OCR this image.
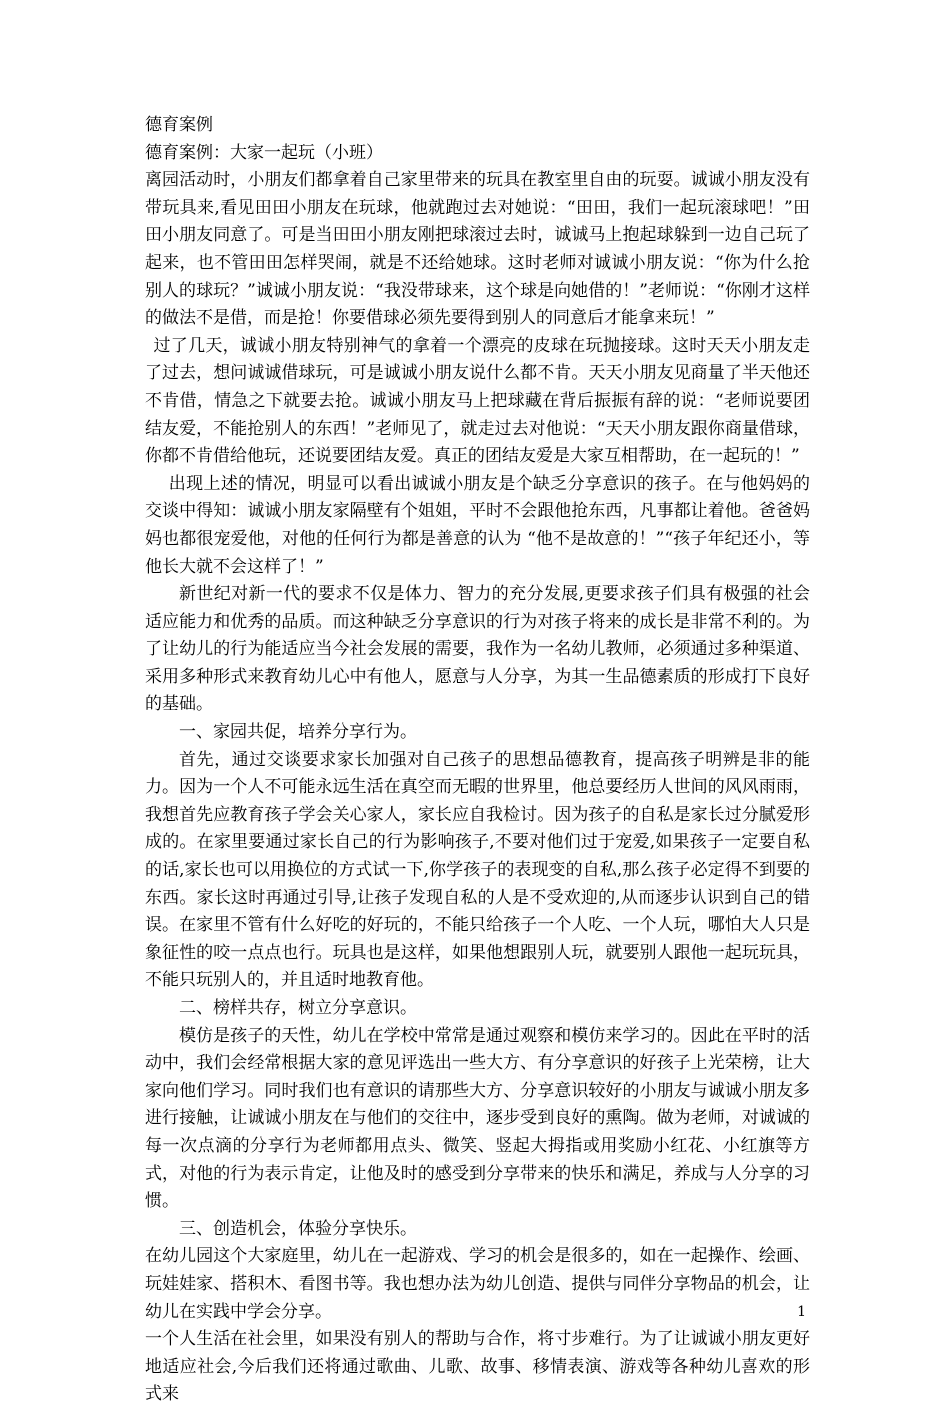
德育案例

德育案例：大家一起玩（小班）

离园活动时，小朋友们都拿着自己家里带来的玩具在教室里自由的玩耍。诚诚小朋友没有带玩具来,看见田田小朋友在玩球，他就跑过去对她说：“田田，我们一起玩滚球吧！”田田小朋友同意了。可是当田田小朋友刚把球滚过去时，诚诚马上抱起球躲到一边自己玩了起来，也不管田田怎样哭闹，就是不还给她球。这时老师对诚诚小朋友说：“你为什么抢别人的球玩？”诚诚小朋友说：“我没带球来，这个球是向她借的！”老师说：“你刚才这样的做法不是借，而是抢！你要借球必须先要得到别人的同意后才能拿来玩！”

过了几天，诚诚小朋友特别神气的拿着一个漂亮的皮球在玩抛接球。这时天天小朋友走了过去，想问诚诚借球玩，可是诚诚小朋友说什么都不肯。天天小朋友见商量了半天他还不肯借，情急之下就要去抢。诚诚小朋友马上把球藏在背后振振有辞的说：“老师说要团结友爱，不能抢别人的东西！”老师见了，就走过去对他说：“天天小朋友跟你商量借球，你都不肯借给他玩，还说要团结友爱。真正的团结友爱是大家互相帮助，在一起玩的！”

出现上述的情况，明显可以看出诚诚小朋友是个缺乏分享意识的孩子。在与他妈妈的交谈中得知：诚诚小朋友家隔壁有个姐姐，平时不会跟他抢东西，凡事都让着他。爸爸妈妈也都很宠爱他，对他的任何行为都是善意的认为 “他不是故意的！”“孩子年纪还小，等他长大就不会这样了！”

新世纪对新一代的要求不仅是体力、智力的充分发展,更要求孩子们具有极强的社会适应能力和优秀的品质。而这种缺乏分享意识的行为对孩子将来的成长是非常不利的。为了让幼儿的行为能适应当今社会发展的需要，我作为一名幼儿教师，必须通过多种渠道、采用多种形式来教育幼儿心中有他人，愿意与人分享，为其一生品德素质的形成打下良好的基础。

一、家园共促，培养分享行为。

首先，通过交谈要求家长加强对自己孩子的思想品德教育，提高孩子明辨是非的能力。因为一个人不可能永远生活在真空而无暇的世界里，他总要经历人世间的风风雨雨，我想首先应教育孩子学会关心家人，家长应自我检讨。因为孩子的自私是家长过分腻爱形成的。在家里要通过家长自己的行为影响孩子,不要对他们过于宠爱,如果孩子一定要自私的话,家长也可以用换位的方式试一下,你学孩子的表现变的自私,那么孩子必定得不到要的东西。家长这时再通过引导,让孩子发现自私的人是不受欢迎的,从而逐步认识到自己的错误。在家里不管有什么好吃的好玩的，不能只给孩子一个人吃、一个人玩，哪怕大人只是象征性的咬一点点也行。玩具也是这样，如果他想跟别人玩，就要别人跟他一起玩玩具，不能只玩别人的，并且适时地教育他。

二、榜样共存，树立分享意识。

模仿是孩子的天性，幼儿在学校中常常是通过观察和模仿来学习的。因此在平时的活动中，我们会经常根据大家的意见评选出一些大方、有分享意识的好孩子上光荣榜，让大家向他们学习。同时我们也有意识的请那些大方、分享意识较好的小朋友与诚诚小朋友多进行接触，让诚诚小朋友在与他们的交往中，逐步受到良好的熏陶。做为老师，对诚诚的每一次点滴的分享行为老师都用点头、微笑、竖起大拇指或用奖励小红花、小红旗等方式，对他的行为表示肯定，让他及时的感受到分享带来的快乐和满足，养成与人分享的习惯。

三、创造机会，体验分享快乐。

在幼儿园这个大家庭里，幼儿在一起游戏、学习的机会是很多的，如在一起操作、绘画、玩娃娃家、搭积木、看图书等。我也想办法为幼儿创造、提供与同伴分享物品的机会，让幼儿在实践中学会分享。

一个人生活在社会里，如果没有别人的帮助与合作，将寸步难行。为了让诚诚小朋友更好地适应社会,今后我们还将通过歌曲、儿歌、故事、移情表演、游戏等各种幼儿喜欢的形式来

1
